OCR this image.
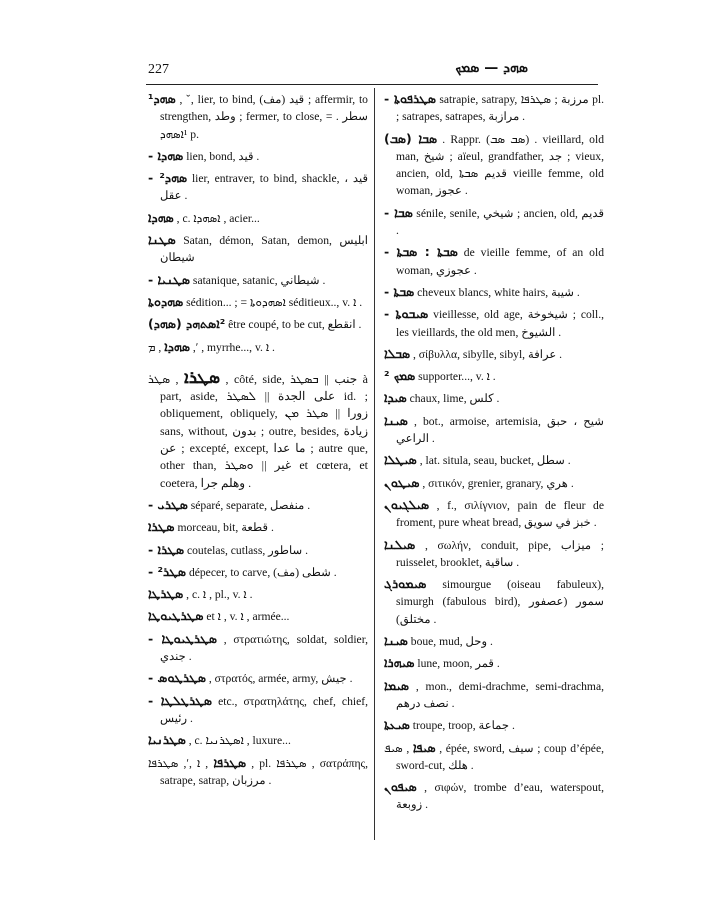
227	ܣܗܕ — ܣܡܟ

¹ܣܗܕ , ˇ, lier, to bind, قيد (مف) ; affermir, to strengthen, وطد ; fermer, to close, سطر . = ¹ܐܣܗܕ p.

- ܣܗܕܐ lien, bond, قيد .

- ²ܣܗܕ lier, entraver, to bind, shackle, قيد ، عقل .

ܣܗܕܐ , c. ܐܣܗܕܐ , acier...

ܣܛܢܐ Satan, démon, Satan, demon, ابليس شيطان

- ܣܛܢܝܐ satanique, satanic, شيطاني .

ܣܗܕܘܬܐ sédition... ; = ܐܣܗܕܘܬܐ séditieux.., v. ܐ .

(ܣܗܕ) ²ܐܣܬܗܕ être coupé, to be cut, انقطع .

ܣܗܕܐ , ܡ ,ʹ , myrrhe..., v. ܐ .

ܣܛܪܐ , ܣܛܪ , côté, side, جنب || ܒܣܛܪ à part, aside, على الجدة || ܠܣܛܪ id. ; obliquement, obliquely, زورا || ܣܛܪ ܡܢ sans, without, بدون ; outre, besides, زيادة عن ; excepté, except, ما عدا ; autre que, other than, غير || ܘܣܛܪ et cœtera, et coetera, وهلم جرا .

- ܣܛܪܝ séparé, separate, منفصل .

ܣܛܪܐ morceau, bit, قطعة .

- ܣܛܪܐ coutelas, cutlass, ساطور .

- ²ܣܛܪ dépecer, to carve, شطى (مف) .

ܣܛܪܛܐ , c. ܐ , pl., v. ܐ .

ܣܛܪܛܝܘܛܐ et ܐ , v. ܐ , armée...

- ܣܛܪܛܝܘܛܐ , στρατιώτης, soldat, soldier, جندي .

- ܣܛܪܛܘܣ , στρατός, armée, army, جيش .

- ܣܛܪܛܠܛܐ etc., στρατηλάτης, chef, chief, رئيس .

ܣܛܪܢܝܐ , c. ܐܣܛܪܢܝܐ , luxure...

ܣܛܪܦܐ , ܐ ,ʹ, ܣܛܪܦܐ , pl. ܣܛܪܦܐ , σατράπης, satrape, satrap, مرزبان .

- ܣܛܪܦܘܬܐ satrapie, satrapy, مرزبة ; ܣܛܪܦܐ pl. ; satrapes, satrapes, مرازبة .

(ܣܒ) ܣܒܐ . Rappr. (ܣܒ ܣܒ) . vieillard, old man, شيخ ; aïeul, grandfather, جد ; vieux, ancien, old, قديم ܣܒܬܐ vieille femme, old woman, عجوز .

- ܣܒܐ sénile, senile, شيخي ; ancien, old, قديم .

- ܣܒܬܐ : ܣܒܬܐ de vieille femme, of an old woman, عجوزي .

- ܣܒܬܐ cheveux blancs, white hairs, شيبة .

- ܣܝܒܘܬܐ vieillesse, old age, شيخوخة ; coll., les vieillards, the old men, الشيوخ .

ܣܒܠܐ , σίβυλλα, sibylle, sibyl, عرافة .

ܣܡܟ ² supporter..., v. ܐ .

ܣܝܕܐ chaux, lime, كلس .

ܣܝܢܐ , bot., armoise, artemisia, شيح ، حبق الراعي .

ܣܝܛܠܐ , lat. situla, seau, bucket, سطل .

ܣܝܛܘܢ , σιτικόν, grenier, granary, هري .

ܣܝܠܓܝܘܢ , f., σιλίγνιον, pain de fleur de froment, pure wheat bread, خبز في سويق .

ܣܝܠܢܐ , σωλήν, conduit, pipe, ميزاب ; ruisselet, brooklet, ساقية .

ܣܝܡܘܪܓ simourgue (oiseau fabuleux), simurgh (fabulous bird), سمور (عصفور مختلق) .

ܣܝܢܐ boue, mud, وحل .

ܣܝܗܪܐ lune, moon, قمر .

ܣܝܡܐ , mon., demi-drachme, semi-drachma, نصف درهم .

ܣܝܥܬܐ troupe, troop, جماعة .

ܣܝܦܐ , ܣܝܦ , épée, sword, سيف ; coup d’épée, sword-cut, هلك .

ܣܝܦܘܢ , σιφών, trombe d’eau, waterspout, زوبعة .
